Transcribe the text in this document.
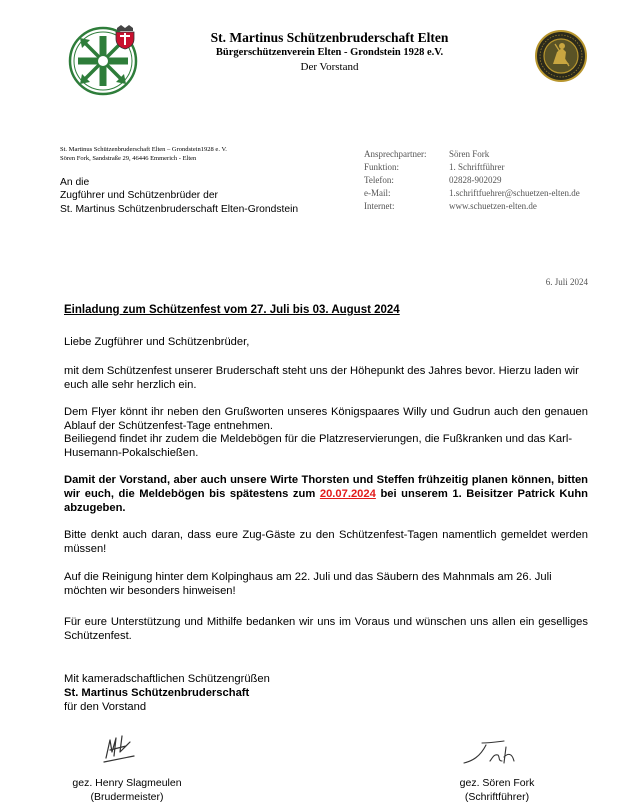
St. Martinus Schützenbruderschaft Elten
Bürgerschützenverein Elten - Grondstein 1928 e.V.
Der Vorstand
St. Martinus Schützenbruderschaft Elten – Grondstein1928 e. V.
Sören Fork, Sandstraße 29, 46446 Emmerich - Elten
An die
Zugführer und Schützenbrüder der
St. Martinus Schützenbruderschaft Elten-Grondstein
Ansprechpartner:	Sören Fork
Funktion:	1. Schriftführer
Telefon:	02828-902029
e-Mail:	1.schriftfuehrer@schuetzen-elten.de
Internet:	www.schuetzen-elten.de
6. Juli 2024
Einladung zum Schützenfest vom 27. Juli bis 03. August 2024
Liebe Zugführer und Schützenbrüder,
mit dem Schützenfest unserer Bruderschaft steht uns der Höhepunkt des Jahres bevor. Hierzu laden wir euch alle sehr herzlich ein.
Dem Flyer könnt ihr neben den Grußworten unseres Königspaares Willy und Gudrun auch den genauen Ablauf der Schützenfest-Tage entnehmen.
Beiliegend findet ihr zudem die Meldebögen für die Platzreservierungen, die Fußkranken und das Karl-Husemann-Pokalschießen.
Damit der Vorstand, aber auch unsere Wirte Thorsten und Steffen frühzeitig planen können, bitten wir euch, die Meldebögen bis spätestens zum 20.07.2024 bei unserem 1. Beisitzer Patrick Kuhn abzugeben.
Bitte denkt auch daran, dass eure Zug-Gäste zu den Schützenfest-Tagen namentlich gemeldet werden müssen!
Auf die Reinigung hinter dem Kolpinghaus am 22. Juli und das Säubern des Mahnmals am 26. Juli möchten wir besonders hinweisen!
Für eure Unterstützung und Mithilfe bedanken wir uns im Voraus und wünschen uns allen ein geselliges Schützenfest.
Mit kameradschaftlichen Schützengrüßen
St. Martinus Schützenbruderschaft
für den Vorstand
gez. Henry Slagmeulen
(Brudermeister)
gez. Sören Fork
(Schriftführer)
